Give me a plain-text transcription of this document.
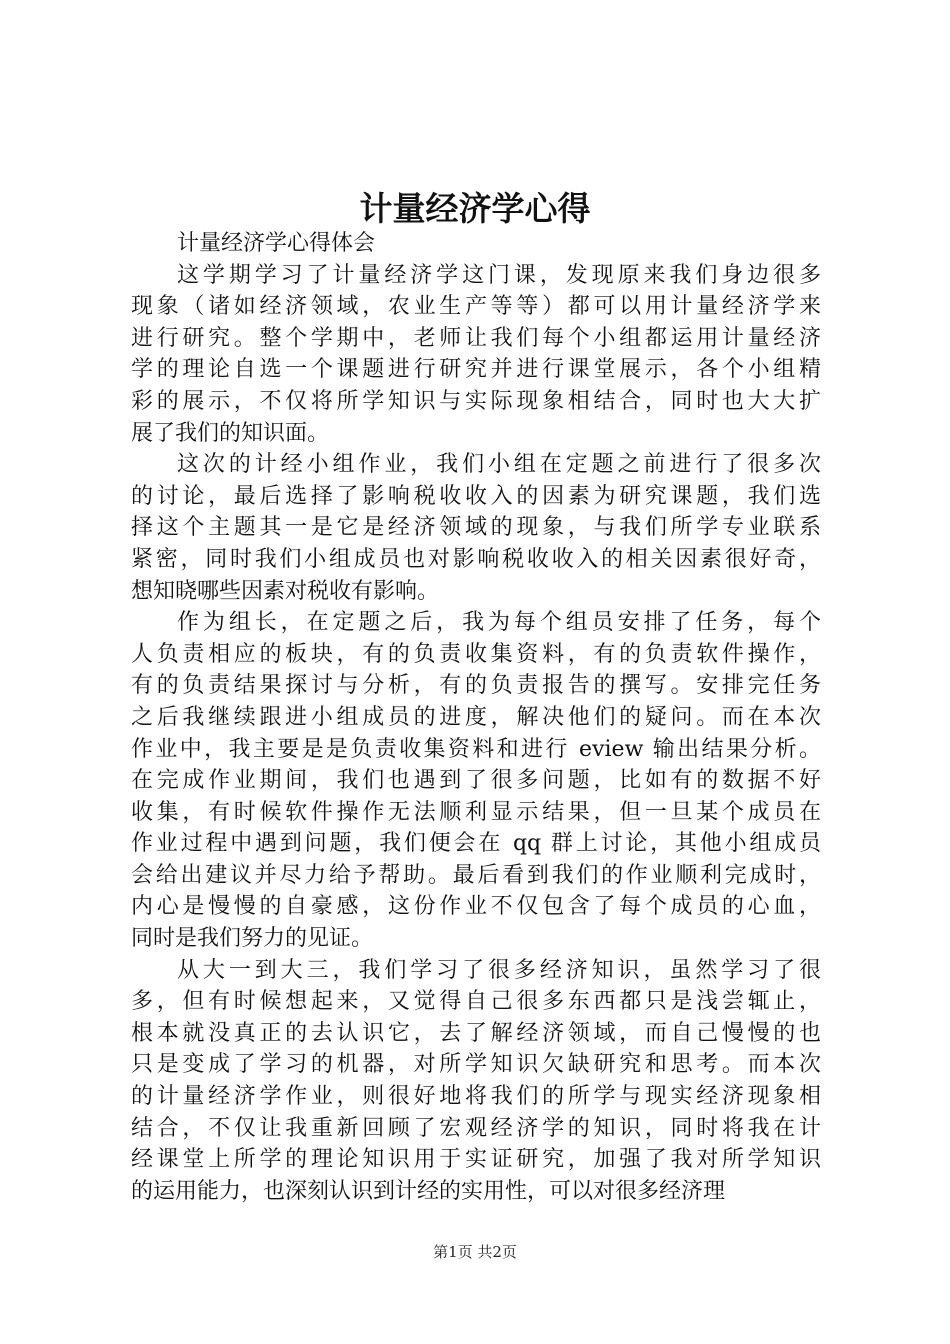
计量经济学心得
计量经济学心得体会
这学期学习了计量经济学这门课，发现原来我们身边很多
现象（诸如经济领域，农业生产等等）都可以用计量经济学来
进行研究。整个学期中，老师让我们每个小组都运用计量经济
学的理论自选一个课题进行研究并进行课堂展示，各个小组精
彩的展示，不仅将所学知识与实际现象相结合，同时也大大扩
展了我们的知识面。
这次的计经小组作业，我们小组在定题之前进行了很多次
的讨论，最后选择了影响税收收入的因素为研究课题，我们选
择这个主题其一是它是经济领域的现象，与我们所学专业联系
紧密，同时我们小组成员也对影响税收收入的相关因素很好奇，
想知晓哪些因素对税收有影响。
作为组长，在定题之后，我为每个组员安排了任务，每个
人负责相应的板块，有的负责收集资料，有的负责软件操作，
有的负责结果探讨与分析，有的负责报告的撰写。安排完任务
之后我继续跟进小组成员的进度，解决他们的疑问。而在本次
作业中，我主要是是负责收集资料和进行 eview 输出结果分析。
在完成作业期间，我们也遇到了很多问题，比如有的数据不好
收集，有时候软件操作无法顺利显示结果，但一旦某个成员在
作业过程中遇到问题，我们便会在 qq 群上讨论，其他小组成员
会给出建议并尽力给予帮助。最后看到我们的作业顺利完成时，
内心是慢慢的自豪感，这份作业不仅包含了每个成员的心血，
同时是我们努力的见证。
从大一到大三，我们学习了很多经济知识，虽然学习了很
多，但有时候想起来，又觉得自己很多东西都只是浅尝辄止，
根本就没真正的去认识它，去了解经济领域，而自己慢慢的也
只是变成了学习的机器，对所学知识欠缺研究和思考。而本次
的计量经济学作业，则很好地将我们的所学与现实经济现象相
结合，不仅让我重新回顾了宏观经济学的知识，同时将我在计
经课堂上所学的理论知识用于实证研究，加强了我对所学知识
的运用能力，也深刻认识到计经的实用性，可以对很多经济理
第1页 共2页
